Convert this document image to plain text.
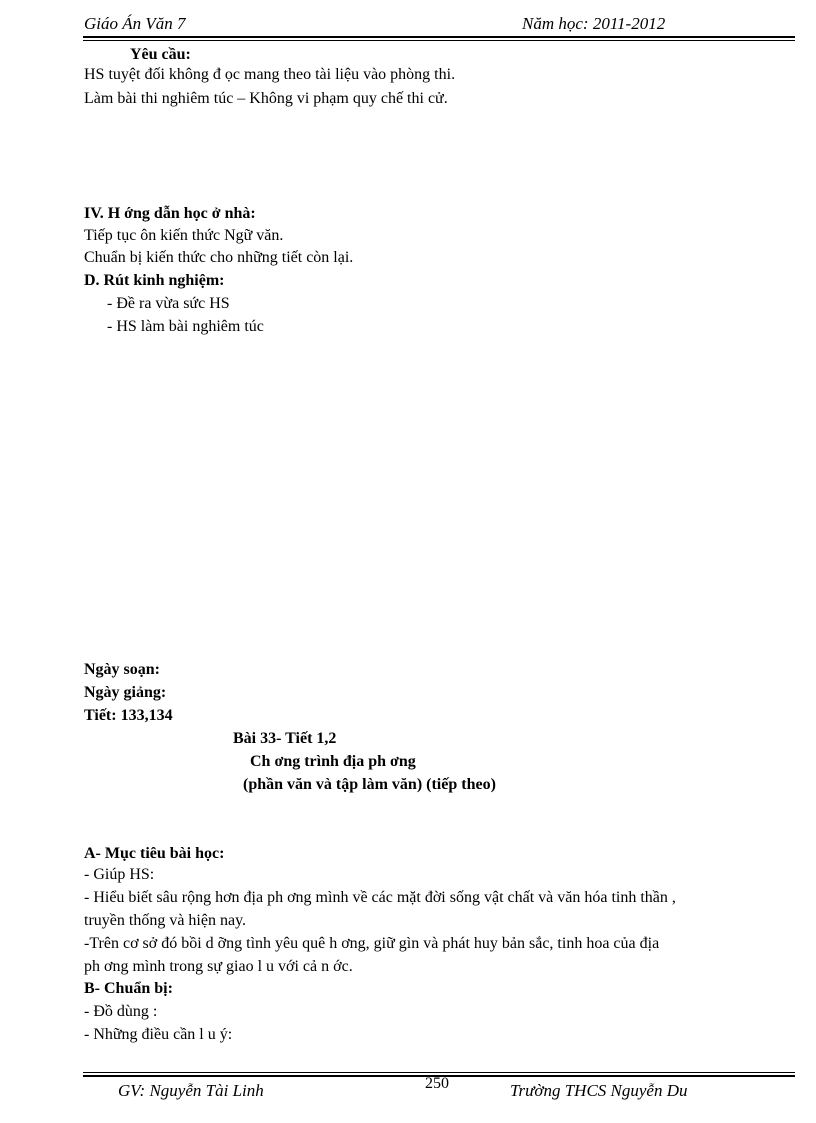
Giáo Án Văn 7	Năm học: 2011-2012
Yêu cầu:
HS tuyệt đối không đ ọc mang theo tài liệu vào phòng thi.
Làm bài thi nghiêm túc – Không vi phạm quy chế thi cử.
IV. H ớng dẫn học ở nhà:
Tiếp tục ôn kiến thức Ngữ văn.
Chuẩn bị kiến thức cho những tiết còn lại.
D. Rút kinh nghiệm:
- Đề ra vừa sức HS
- HS làm bài nghiêm túc
Ngày soạn:
Ngày giảng:
Tiết: 133,134
Bài 33- Tiết 1,2
Ch ơng trình địa ph ơng
(phần văn và tập làm văn) (tiếp theo)
A- Mục tiêu bài học:
- Giúp HS:
- Hiểu biết sâu rộng hơn địa ph ơng mình về các mặt đời sống vật chất và văn hóa tinh thần ,
truyền thống và hiện nay.
-Trên cơ sở đó bồi d ỡng tình yêu quê h ơng, giữ gìn và phát huy bản sắc, tinh hoa của địa
ph ơng mình trong sự giao l u với cả n ớc.
B- Chuẩn bị:
- Đồ dùng :
- Những điều cần l u ý:
GV: Nguyễn Tài Linh	250	Trường THCS Nguyễn Du
